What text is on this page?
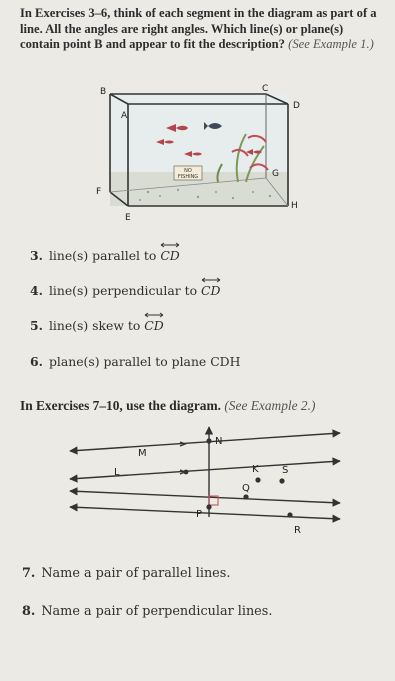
In Exercises 3–6, think of each segment in the diagram as part of a line. All the angles are right angles. Which line(s) or plane(s) contain point B and appear to fit the description? (See Example 1.)
NO
FISHING
B	C
A
D
G
F
H
E
3. line(s) parallel to CD
4. line(s) perpendicular to CD
5. line(s) skew to CD
6. plane(s) parallel to plane CDH
In Exercises 7–10, use the diagram. (See Example 2.)
N
M
L	K S
Q
P
R
7. Name a pair of parallel lines.
8. Name a pair of perpendicular lines.
